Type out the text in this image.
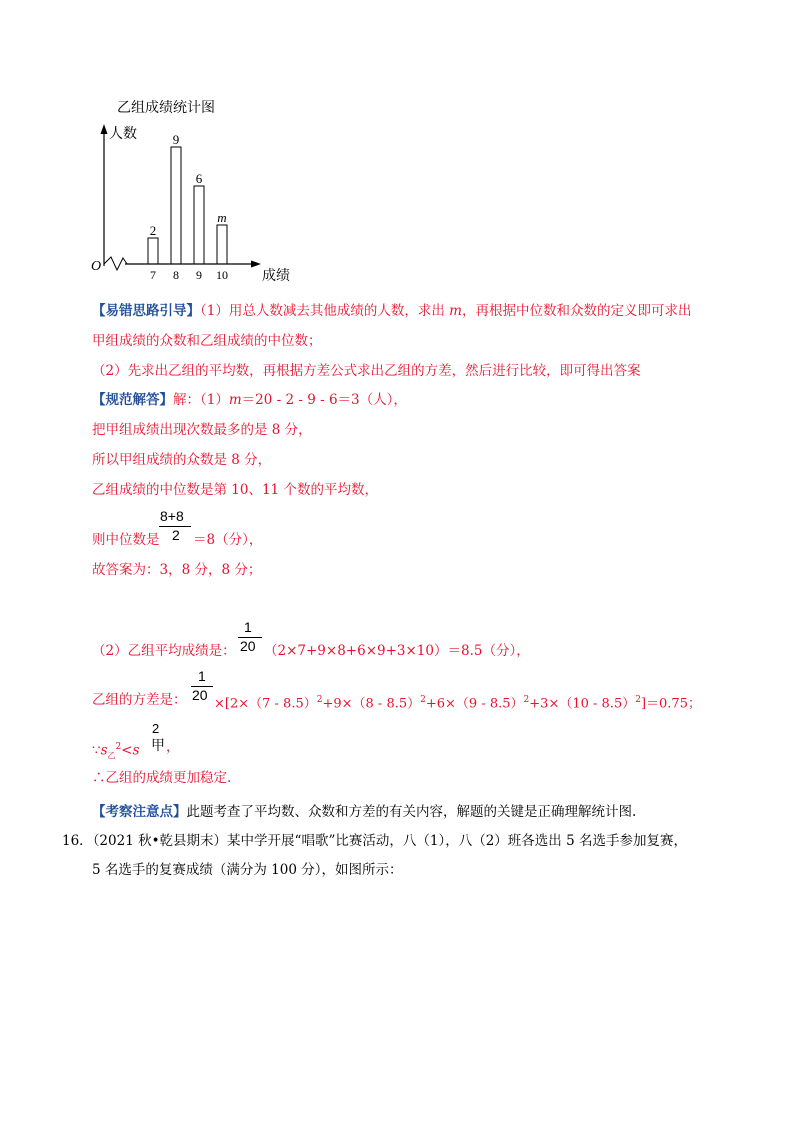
乙组成绩统计图
人数
O
成绩
2
7
9
8
6
9
m
10
【易错思路引导】（1）用总人数减去其他成绩的人数，求出 m，再根据中位数和众数的定义即可求出
甲组成绩的众数和乙组成绩的中位数；
（2）先求出乙组的平均数，再根据方差公式求出乙组的方差，然后进行比较，即可得出答案
【规范解答】解：（1）m＝20 - 2 - 9 - 6＝3（人），
把甲组成绩出现次数最多的是 8 分，
所以甲组成绩的众数是 8 分，
乙组成绩的中位数是第 10、11 个数的平均数，
则中位数是
8+8
2 ＝8（分），
故答案为：3，8 分，8 分；
（2）乙组平均成绩是：
1
20 （2×7+9×8+6×9+3×10）＝8.5（分），
乙组的方差是：
1
20
×[2×（7 - 8.5）$^2$+9×（8 - 8.5）$^2$+6×（9 - 8.5）$^2$+3×（10 - 8.5）$^2$]＝0.75；
$\because s_乙^2<s$
2
甲 ，
∴乙组的成绩更加稳定.
【考察注意点】此题考查了平均数、众数和方差的有关内容，解题的关键是正确理解统计图.
16．（2021 秋•乾县期末）某中学开展“唱歌”比赛活动，八（1），八（2）班各选出 5 名选手参加复赛，
5 名选手的复赛成绩（满分为 100 分），如图所示：
